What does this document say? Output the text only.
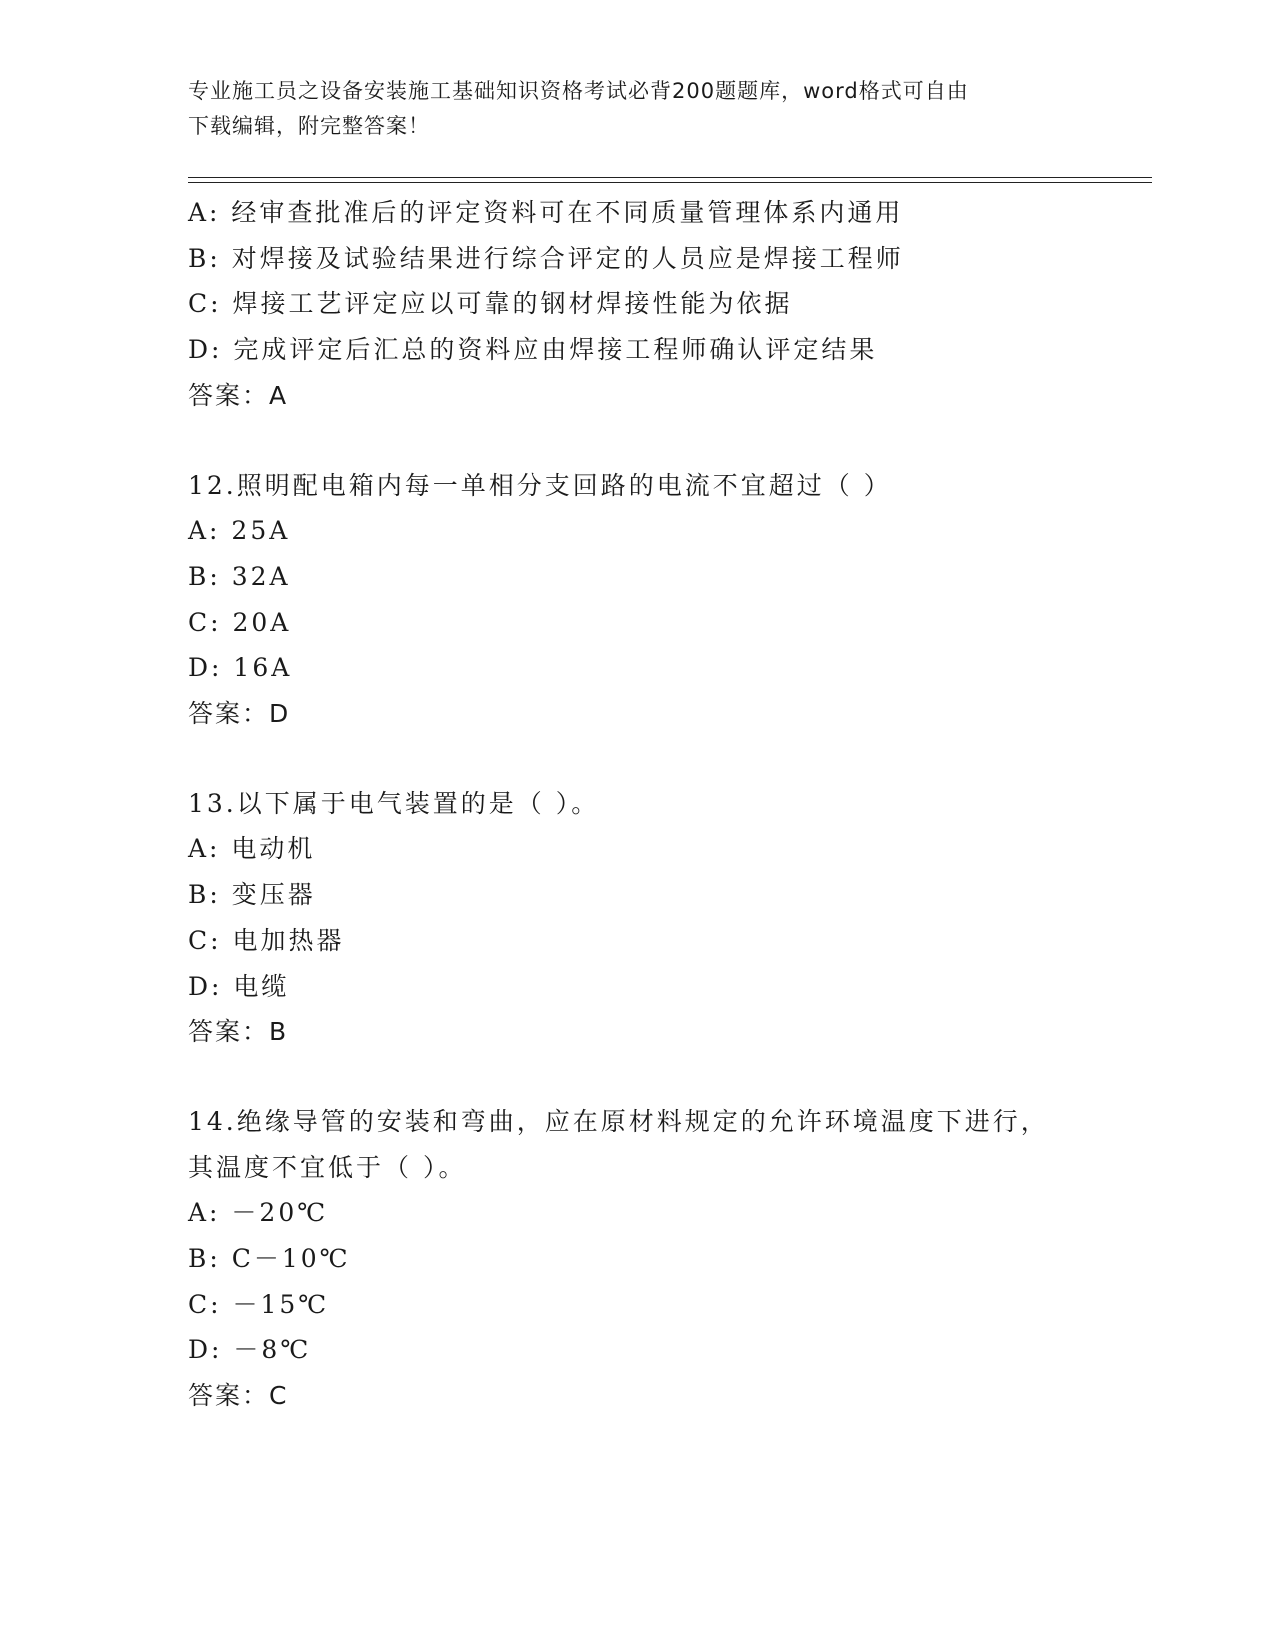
专业施工员之设备安装施工基础知识资格考试必背200题题库，word格式可自由
下载编辑，附完整答案！
A: 经审查批准后的评定资料可在不同质量管理体系内通用
B: 对焊接及试验结果进行综合评定的人员应是焊接工程师
C: 焊接工艺评定应以可靠的钢材焊接性能为依据
D: 完成评定后汇总的资料应由焊接工程师确认评定结果
答案：A
12.照明配电箱内每一单相分支回路的电流不宜超过（ ）
A: 25A
B: 32A
C: 20A
D: 16A
答案：D
13.以下属于电气装置的是（ ）。
A: 电动机
B: 变压器
C: 电加热器
D: 电缆
答案：B
14.绝缘导管的安装和弯曲，应在原材料规定的允许环境温度下进行，
其温度不宜低于（ ）。
A: －20℃
B: C－10℃
C: －15℃
D: －8℃
答案：C
